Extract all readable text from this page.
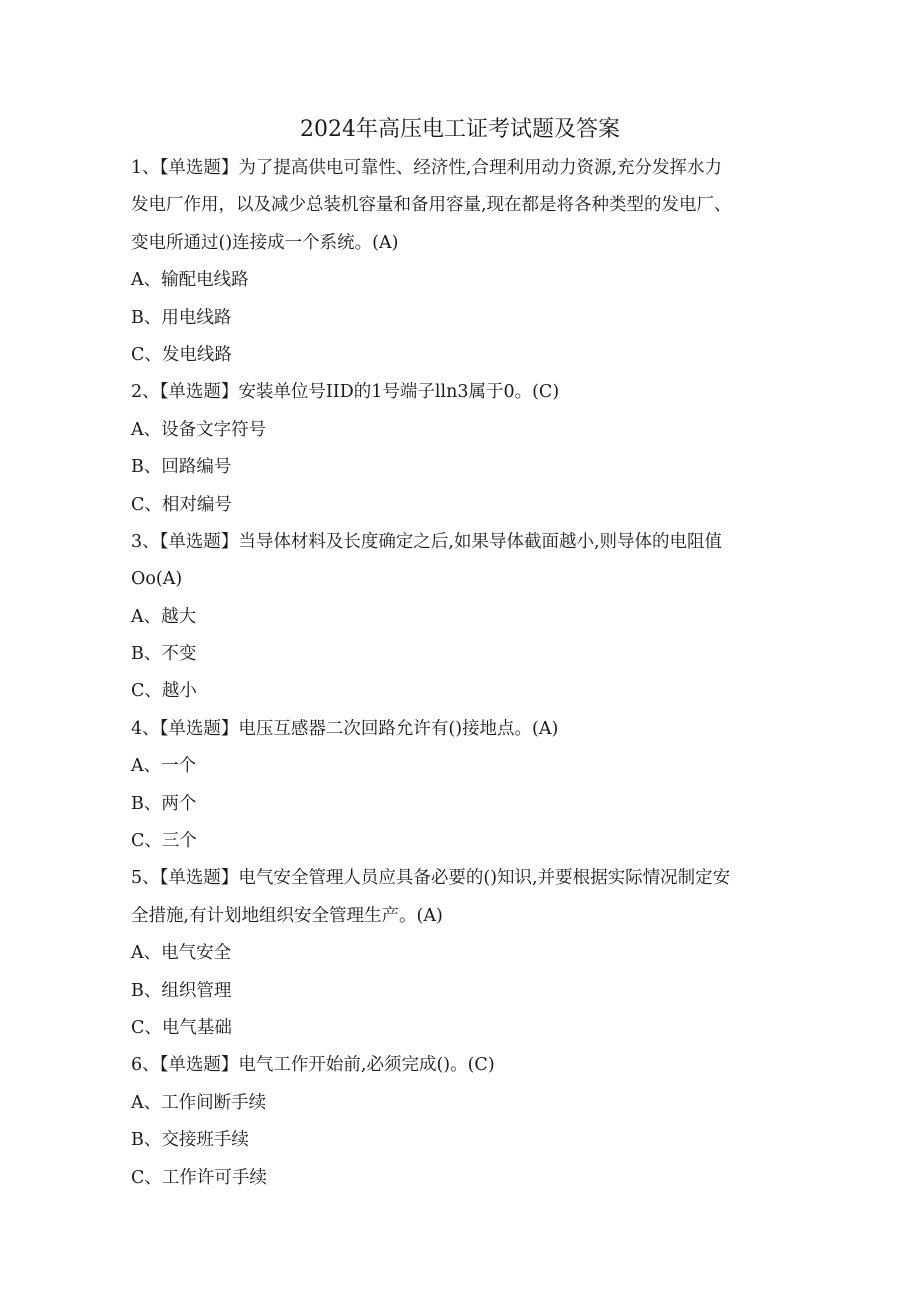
2024年高压电工证考试题及答案
1、【单选题】为了提高供电可靠性、经济性,合理利用动力资源,充分发挥水力
发电厂作用，以及减少总装机容量和备用容量,现在都是将各种类型的发电厂、
变电所通过()连接成一个系统。(A)
A、输配电线路
B、用电线路
C、发电线路
2、【单选题】安装单位号IID的1号端子lln3属于0。(C)
A、设备文字符号
B、回路编号
C、相对编号
3、【单选题】当导体材料及长度确定之后,如果导体截面越小,则导体的电阻值
Oo(A)
A、越大
B、不变
C、越小
4、【单选题】电压互感器二次回路允许有()接地点。(A)
A、一个
B、两个
C、三个
5、【单选题】电气安全管理人员应具备必要的()知识,并要根据实际情况制定安
全措施,有计划地组织安全管理生产。(A)
A、电气安全
B、组织管理
C、电气基础
6、【单选题】电气工作开始前,必须完成()。(C)
A、工作间断手续
B、交接班手续
C、工作许可手续
